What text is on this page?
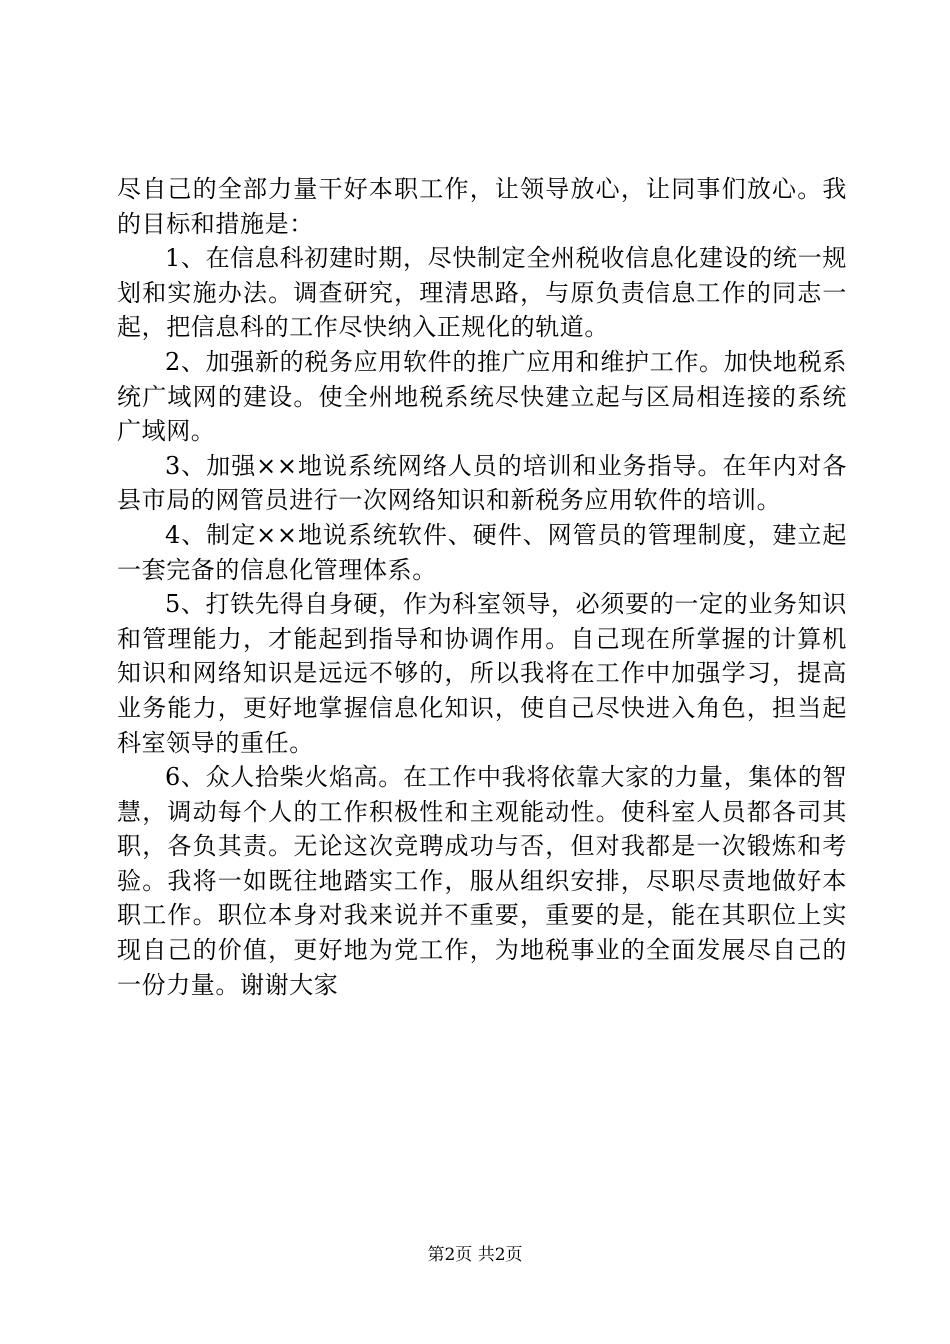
尽自己的全部力量干好本职工作，让领导放心，让同事们放心。我的目标和措施是：

1、在信息科初建时期，尽快制定全州税收信息化建设的统一规划和实施办法。调查研究，理清思路，与原负责信息工作的同志一起，把信息科的工作尽快纳入正规化的轨道。

2、加强新的税务应用软件的推广应用和维护工作。加快地税系统广域网的建设。使全州地税系统尽快建立起与区局相连接的系统广域网。

3、加强××地说系统网络人员的培训和业务指导。在年内对各县市局的网管员进行一次网络知识和新税务应用软件的培训。

4、制定××地说系统软件、硬件、网管员的管理制度，建立起一套完备的信息化管理体系。

5、打铁先得自身硬，作为科室领导，必须要的一定的业务知识和管理能力，才能起到指导和协调作用。自己现在所掌握的计算机知识和网络知识是远远不够的，所以我将在工作中加强学习，提高业务能力，更好地掌握信息化知识，使自己尽快进入角色，担当起科室领导的重任。

6、众人拾柴火焰高。在工作中我将依靠大家的力量，集体的智慧，调动每个人的工作积极性和主观能动性。使科室人员都各司其职，各负其责。无论这次竞聘成功与否，但对我都是一次锻炼和考验。我将一如既往地踏实工作，服从组织安排，尽职尽责地做好本职工作。职位本身对我来说并不重要，重要的是，能在其职位上实现自己的价值，更好地为党工作，为地税事业的全面发展尽自己的一份力量。谢谢大家

第2页 共2页
